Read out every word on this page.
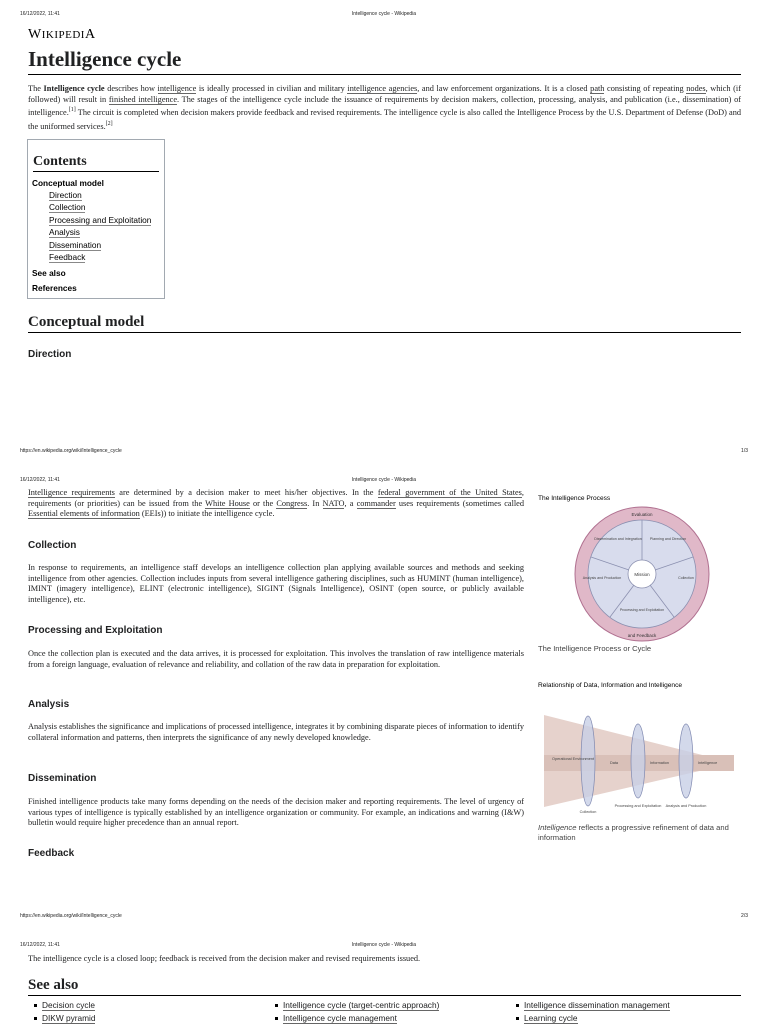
16/12/2022, 11:41	Intelligence cycle - Wikipedia
WIKIPEDIA
Intelligence cycle

The Intelligence cycle describes how intelligence is ideally processed in civilian and military intelligence agencies, and law enforcement organizations. It is a closed path consisting of repeating nodes, which (if followed) will result in finished intelligence. The stages of the intelligence cycle include the issuance of requirements by decision makers, collection, processing, analysis, and publication (i.e., dissemination) of intelligence.[1] The circuit is completed when decision makers provide feedback and revised requirements. The intelligence cycle is also called the Intelligence Process by the U.S. Department of Defense (DoD) and the uniformed services.[2]

Contents
Conceptual model
Direction
Collection
Processing and Exploitation
Analysis
Dissemination
Feedback
See also
References
Conceptual model
Direction
https://en.wikipedia.org/wiki/Intelligence_cycle	1/3
16/12/2022, 11:41	Intelligence cycle - Wikipedia

Intelligence requirements are determined by a decision maker to meet his/her objectives. In the federal government of the United States, requirements (or priorities) can be issued from the White House or the Congress. In NATO, a commander uses requirements (sometimes called Essential elements of information (EEIs)) to initiate the intelligence cycle.

Collection

In response to requirements, an intelligence staff develops an intelligence collection plan applying available sources and methods and seeking intelligence from other agencies. Collection includes inputs from several intelligence gathering disciplines, such as HUMINT (human intelligence), IMINT (imagery intelligence), ELINT (electronic intelligence), SIGINT (Signals Intelligence), OSINT (open source, or publicly available intelligence), etc.

Processing and Exploitation

Once the collection plan is executed and the data arrives, it is processed for exploitation. This involves the translation of raw intelligence materials from a foreign language, evaluation of relevance and reliability, and collation of the raw data in preparation for exploitation.

Analysis

Analysis establishes the significance and implications of processed intelligence, integrates it by combining disparate pieces of information to identify collateral information and patterns, then interprets the significance of any newly developed knowledge.

Dissemination

Finished intelligence products take many forms depending on the needs of the decision maker and reporting requirements. The level of urgency of various types of intelligence is typically established by an intelligence organization or community. For example, an indications and warning (I&W) bulletin would require higher precedence than an annual report.

Feedback
The Intelligence Process
Evaluation
and Feedback
Mission
Planning and Direction
Collection
Processing and Exploitation
Analysis and Production
Dissemination and Integration
The Intelligence Process or Cycle
Relationship of Data, Information and Intelligence
Operational Environment
Data	Information	Intelligence
Collection
Processing and Exploitation Analysis and Production
Intelligence reflects a progressive refinement of data and information
https://en.wikipedia.org/wiki/Intelligence_cycle	2/3
16/12/2022, 11:41	Intelligence cycle - Wikipedia

The intelligence cycle is a closed loop; feedback is received from the decision maker and revised requirements issued.

See also
Decision cycle
DIKW pyramid
Intelligence cycle (target-centric approach)
Intelligence cycle management
Intelligence dissemination management
Learning cycle
